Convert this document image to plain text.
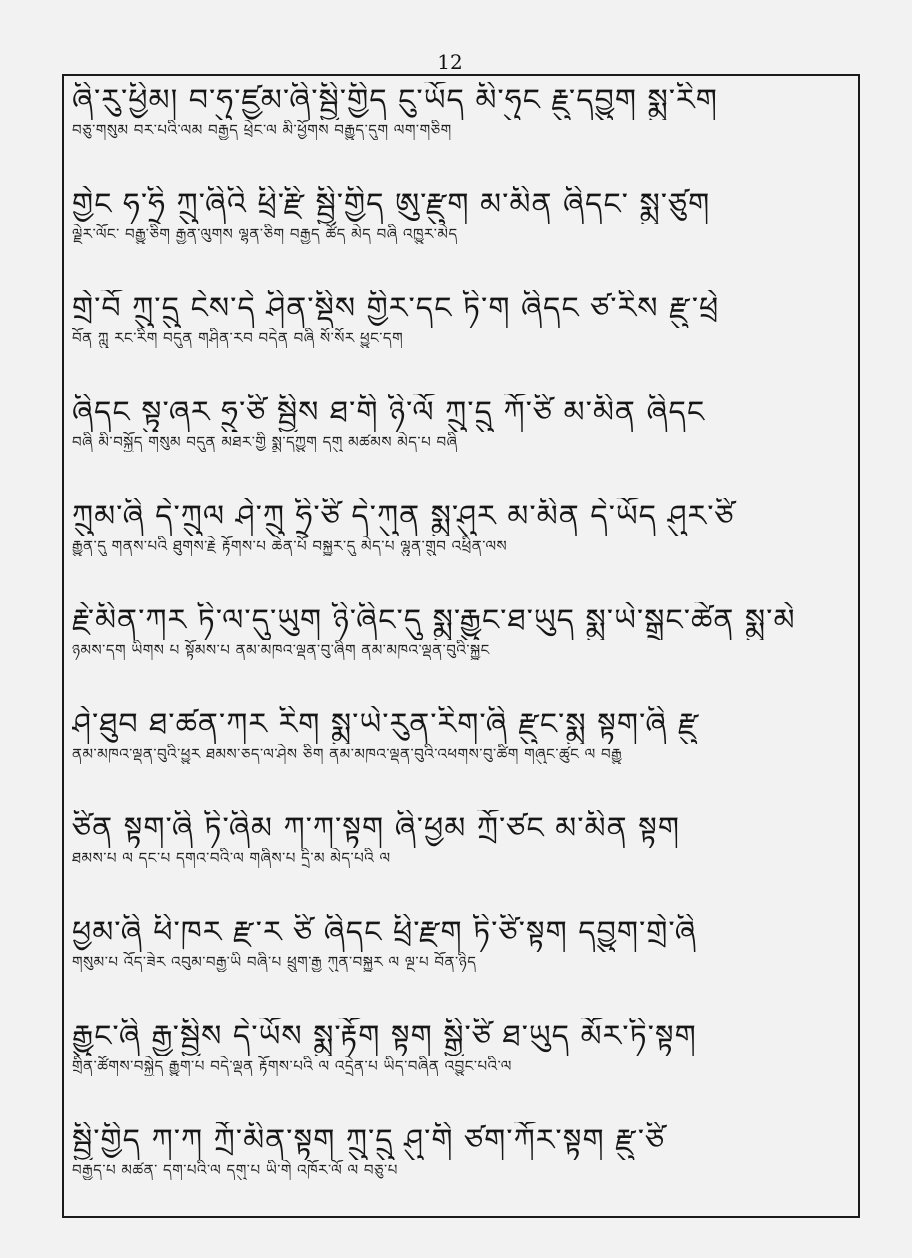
12
ཞི་རུ་ཕྱིམ། བ་ཧུ་ཛྱམ་ཞི་སྦྱི་གྱིད ངུ་ཡོད མི་ཧུང རྗུ་དབྱུག སྨུ་རིག
བཅུ་གསུམ བར་པའི་ལམ བརྒྱད ཕྲེང་ལ མི་ཕྱོགས བརྒྱུད་དུག ལག་གཅིག
གྱེང ཧ་ཧྲི ཀྲུ་ཞིའི ཕྲི་རྫི སྦྱི་གྱིད ཨུ་རྫུག མ་མིན ཞིདང་ སྨུ་ཙུག
ལྗེར་ལོང་ བརྒྱུ་ཅིག རྒྱན་ལུགས ལྷན་ཅིག བརྒྱད ཚོད མེད བཞི འཁྱུར་མེད
གྲེ་བོ ཀྲུ་དྲུ ངེས་དེ ཤིན་སྡིས གྱིར་དང ཏི་ག ཞིདང ཙ་རིས རྫུ་ཕྲེ
བོན ཀླུ རང་རིག བདུན གཤིན་རབ བདེན བཞི སོ་སོར ཕྱུང་དག
ཞིདང སྟུ་ཞར ཧྲུ་ཙི སྦྱིས ཐ་གི ཉི་ལོ ཀྲུ་དྲུ ཀོ་ཙི མ་མིན ཞིདང
བཞི མི་བསྐྱོད གསུམ བདུན མཐར་གྱི སྨྲ་དཀྱུག དགུ མཚམས མེད་པ བཞི
ཀྲུམ་ཞི དེ་ཀྲུལ ཤེ་ཀྲུ ཧྲི་ཙི དེ་ཀུན སྨུ་ཤུར མ་མིན དེ་ཡོད ཤུར་ཙི
རྒྱུན་དུ གནས་པའི ཐུགས་རྗེ རྟོགས་པ ཆེན་པོ བསྐྱུར་དུ མེད་པ ལྷུན་གྲུབ འཕྲིན་ལས
རྗེ་མིན་ཀར ཏི་ལ་དུ་ཡུག ཉི་ཞིང་དུ སྨུ་རྒྱུང་ཐ་ཡུད སྨུ་ཡེ་སྒྲུང་ཚེན སྨུ་མེ
ཉམས་དག ཡིགས པ སྟོམས་པ ནམ་མཁའ་ལྡན་བུ་ཞིག ནམ་མཁའ་ལྡན་བུའི་སྐྱུང
ཤེ་ཐུབ ཐ་ཚན་ཀར རིག སྨུ་ཡེ་རུན་རིག་ཞི རྫུང་སྨུ སྟག་ཞི རྫུ
ནམ་མཁའ་ལྡན་བུའི་ཕྱུར ཐམས་ཅད་ལ་ཤེས ཅིག ནམ་མཁའ་ལྡན་བུའི་འཕགས་བུ་ཚིག གཞུང་ཚུང ལ བརྒྱུ
ཙིན སྟག་ཞི ཏི་ཞིམ ཀ་ཀ་སྟག ཞི་ཕྱམ ཀྲོ་ཙང མ་མིན སྟག
ཐམས་པ ལ དང་པ དགའ་བའི་ལ གཞིས་པ དྲི་མ མེད་པའི ལ
ཕྱམ་ཞི ཕི་ཁར རྫ་ར ཙི ཞིདང ཕྲི་རྫག ཏི་ཙི་སྟག དབྱུག་གྲེ་ཞི
གསུམ་པ འོད་ཟེར འབུམ་བརྒྱ་ཡི བཞི་པ ཕྲུག་རྒྱ ཀུན་བསྐྱུར ལ ལྔ་པ བོན་ཉིད
རྒྱུང་ཞི རྒྱ་སྦྱིས དེ་ཡོས སྨུ་རྟོག སྟག སྒྱི་ཙི ཐ་ཡུད མོར་ཏི་སྟག
གྲིན་ཚོགས་བསྐྱེད རྒྱུག་པ བདེ་ལྡན རྟོགས་པའི ལ འདྲེན་པ ཡིད་བཞིན འབྱུང་པའི་ལ
སྦྱི་གྱིད ཀ་ཀ ཀྲོ་མིན་སྟག ཀྲུ་དྲུ ཤུ་གི ཙག་ཀོར་སྟག རྫུ་ཙི
བརྒྱད་པ མཚན་ དག་པའི་ལ དགུ་པ ཡི་གེ འཁོར་ལོ ལ བཅུ་པ
